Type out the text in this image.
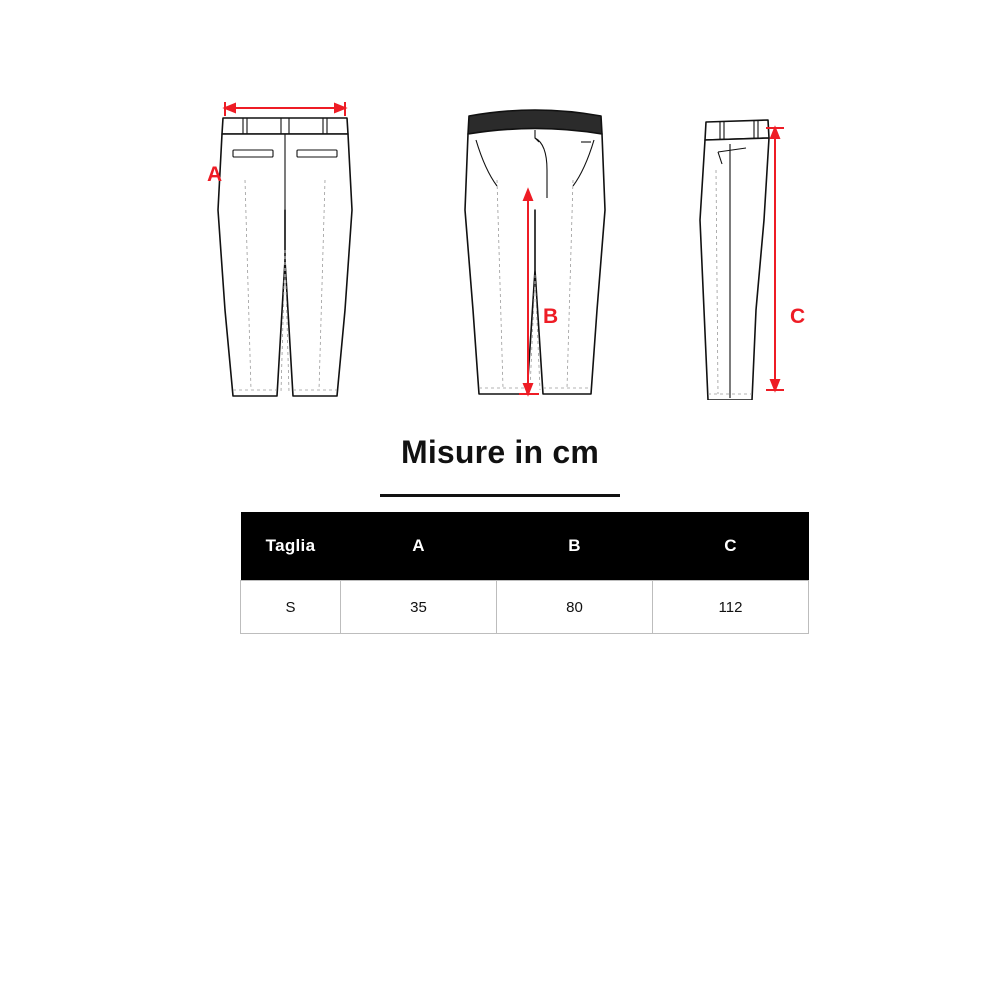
A
B	C
Misure in cm
Taglia	A	B	C
S	35	80	112
